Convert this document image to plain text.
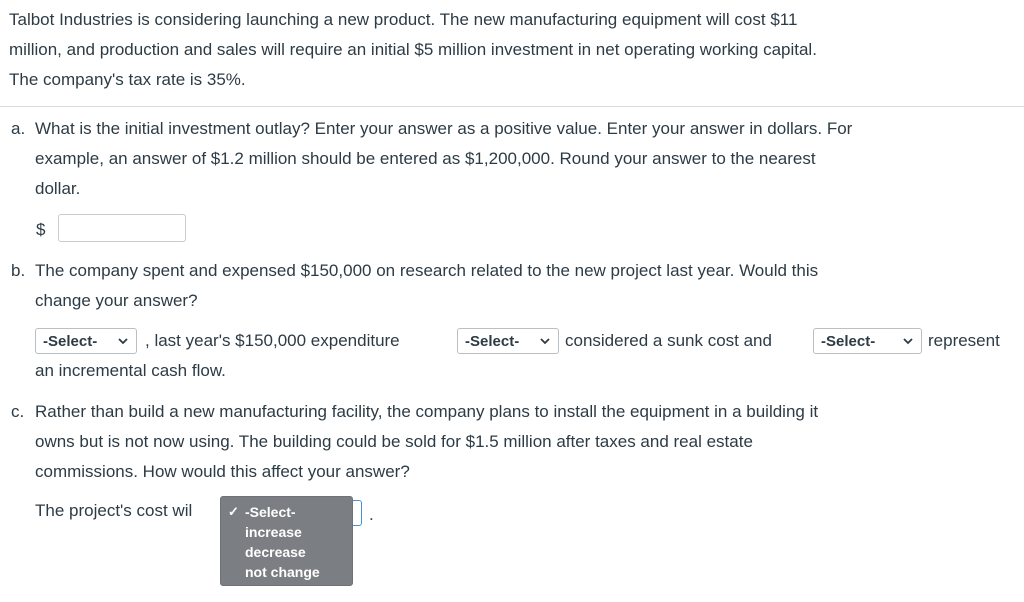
Talbot Industries is considering launching a new product. The new manufacturing equipment will cost $11
million, and production and sales will require an initial $5 million investment in net operating working capital.
The company's tax rate is 35%.
a. What is the initial investment outlay? Enter your answer as a positive value. Enter your answer in dollars. For
example, an answer of $1.2 million should be entered as $1,200,000. Round your answer to the nearest
dollar.
$
b. The company spent and expensed $150,000 on research related to the new project last year. Would this
change your answer?
-Select-	, last year's $150,000 expenditure	-Select-	considered a sunk cost and	-Select-	represent
an incremental cash flow.
c. Rather than build a new manufacturing facility, the company plans to install the equipment in a building it
owns but is not now using. The building could be sold for $1.5 million after taxes and real estate
commissions. How would this affect your answer?
The project's cost wil	.
✓ -Select-
increase
decrease
not change
